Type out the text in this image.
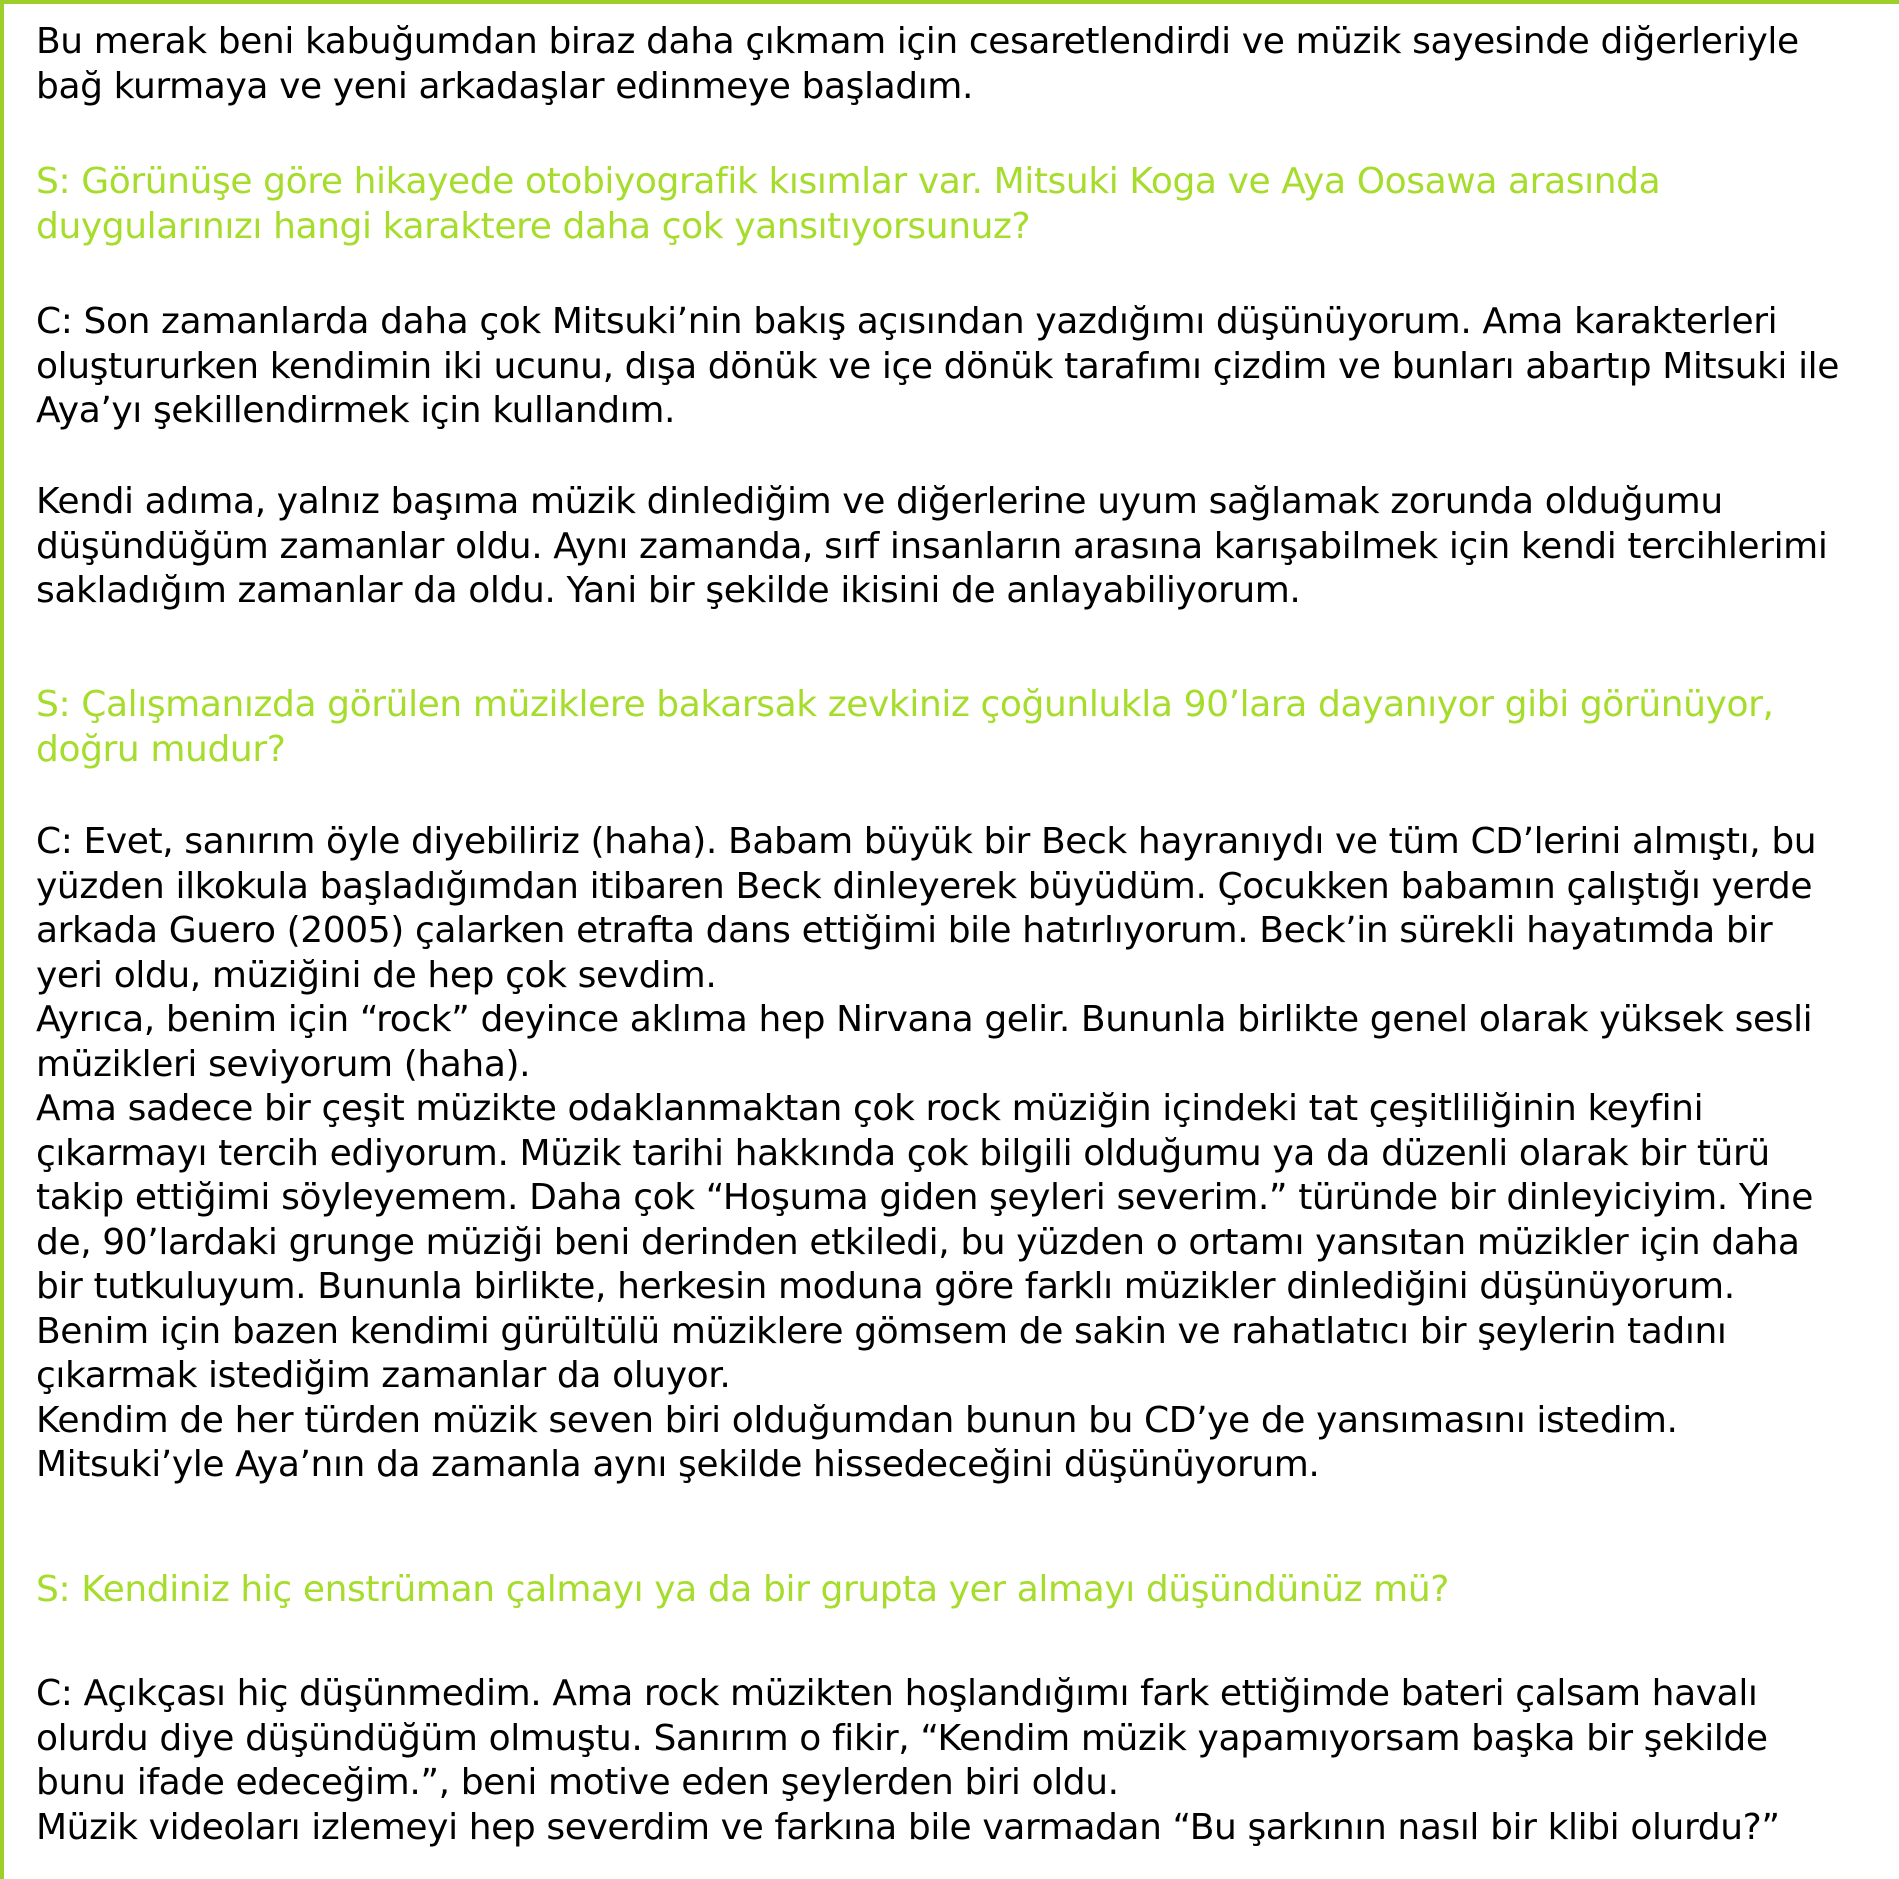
Bu merak beni kabuğumdan biraz daha çıkmam için cesaretlendirdi ve müzik sayesinde diğerleriyle
bağ kurmaya ve yeni arkadaşlar edinmeye başladım.
S: Görünüşe göre hikayede otobiyografik kısımlar var. Mitsuki Koga ve Aya Oosawa arasında
duygularınızı hangi karaktere daha çok yansıtıyorsunuz?
C: Son zamanlarda daha çok Mitsuki’nin bakış açısından yazdığımı düşünüyorum. Ama karakterleri
oluştururken kendimin iki ucunu, dışa dönük ve içe dönük tarafımı çizdim ve bunları abartıp Mitsuki ile
Aya’yı şekillendirmek için kullandım.
Kendi adıma, yalnız başıma müzik dinlediğim ve diğerlerine uyum sağlamak zorunda olduğumu
düşündüğüm zamanlar oldu. Aynı zamanda, sırf insanların arasına karışabilmek için kendi tercihlerimi
sakladığım zamanlar da oldu. Yani bir şekilde ikisini de anlayabiliyorum.
S: Çalışmanızda görülen müziklere bakarsak zevkiniz çoğunlukla 90’lara dayanıyor gibi görünüyor,
doğru mudur?
C: Evet, sanırım öyle diyebiliriz (haha). Babam büyük bir Beck hayranıydı ve tüm CD’lerini almıştı, bu
yüzden ilkokula başladığımdan itibaren Beck dinleyerek büyüdüm. Çocukken babamın çalıştığı yerde
arkada Guero (2005) çalarken etrafta dans ettiğimi bile hatırlıyorum. Beck’in sürekli hayatımda bir
yeri oldu, müziğini de hep çok sevdim.
Ayrıca, benim için “rock” deyince aklıma hep Nirvana gelir. Bununla birlikte genel olarak yüksek sesli
müzikleri seviyorum (haha).
Ama sadece bir çeşit müzikte odaklanmaktan çok rock müziğin içindeki tat çeşitliliğinin keyfini
çıkarmayı tercih ediyorum. Müzik tarihi hakkında çok bilgili olduğumu ya da düzenli olarak bir türü
takip ettiğimi söyleyemem. Daha çok “Hoşuma giden şeyleri severim.” türünde bir dinleyiciyim. Yine
de, 90’lardaki grunge müziği beni derinden etkiledi, bu yüzden o ortamı yansıtan müzikler için daha
bir tutkuluyum. Bununla birlikte, herkesin moduna göre farklı müzikler dinlediğini düşünüyorum.
Benim için bazen kendimi gürültülü müziklere gömsem de sakin ve rahatlatıcı bir şeylerin tadını
çıkarmak istediğim zamanlar da oluyor.
Kendim de her türden müzik seven biri olduğumdan bunun bu CD’ye de yansımasını istedim.
Mitsuki’yle Aya’nın da zamanla aynı şekilde hissedeceğini düşünüyorum.
S: Kendiniz hiç enstrüman çalmayı ya da bir grupta yer almayı düşündünüz mü?
C: Açıkçası hiç düşünmedim. Ama rock müzikten hoşlandığımı fark ettiğimde bateri çalsam havalı
olurdu diye düşündüğüm olmuştu. Sanırım o fikir, “Kendim müzik yapamıyorsam başka bir şekilde
bunu ifade edeceğim.”, beni motive eden şeylerden biri oldu.
Müzik videoları izlemeyi hep severdim ve farkına bile varmadan “Bu şarkının nasıl bir klibi olurdu?”
